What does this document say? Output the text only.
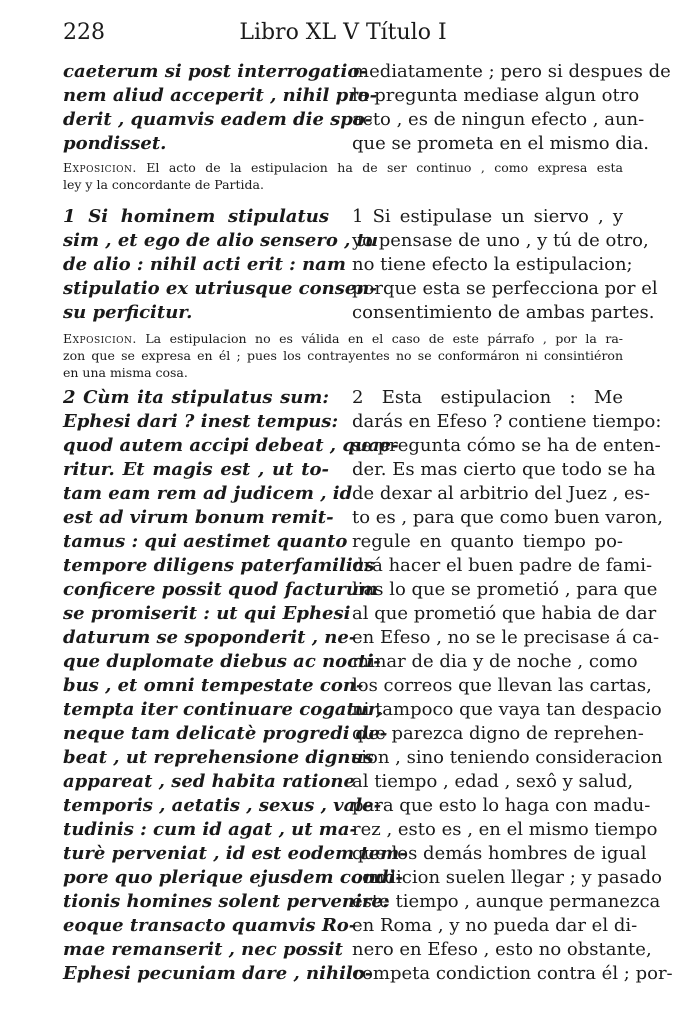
228	Libro XL V Título I
caeterum si post interrogatio-
nem aliud acceperit , nihil pro-
derit , quamvis eadem die spo-
pondisset.
mediatamente ; pero si despues de
la pregunta mediase algun otro
acto , es de ningun efecto , aun-
que se prometa en el mismo dia.
Exposicion. El acto de la estipulacion ha de ser continuo , como expresa esta
ley y la concordante de Partida.
1 Si hominem stipulatus
sim , et ego de alio sensero , tu
de alio : nihil acti erit : nam
stipulatio ex utriusque consen-
su perficitur.
1 Si estipulase un siervo , y
yo pensase de uno , y tú de otro,
no tiene efecto la estipulacion;
porque esta se perfecciona por el
consentimiento de ambas partes.
Exposicion. La estipulacion no es válida en el caso de este párrafo , por la ra-
zon que se expresa en él ; pues los contrayentes no se conformáron ni consintiéron
en una misma cosa.
2 Cùm ita stipulatus sum:
Ephesi dari ? inest tempus:
quod autem accipi debeat , quae-
ritur. Et magis est , ut to-
tam eam rem ad judicem , id
est ad virum bonum remit-
tamus : qui aestimet quanto
tempore diligens paterfamilias
conficere possit quod facturum
se promiserit : ut qui Ephesi
daturum se spoponderit , ne-
que duplomate diebus ac nocti-
bus , et omni tempestate con-
tempta iter continuare cogatur,
neque tam delicatè progredi de-
beat , ut reprehensione dignus
appareat , sed habita ratione
temporis , aetatis , sexus , vale-
tudinis : cum id agat , ut ma-
turè perveniat , id est eodem tem-
pore quo plerique ejusdem condi-
tionis homines solent pervenire:
eoque transacto quamvis Ro-
mae remanserit , nec possit
Ephesi pecuniam dare , nihilo-
2 Esta estipulacion : Me
darás en Efeso ? contiene tiempo:
se pregunta cómo se ha de enten-
der. Es mas cierto que todo se ha
de dexar al arbitrio del Juez , es-
to es , para que como buen varon,
regule en quanto tiempo po-
drá hacer el buen padre de fami-
lias lo que se prometió , para que
al que prometió que habia de dar
en Efeso , no se le precisase á ca-
minar de dia y de noche , como
los correos que llevan las cartas,
ni tampoco que vaya tan despacio
que parezca digno de reprehen-
sion , sino teniendo consideracion
al tiempo , edad , sexô y salud,
para que esto lo haga con madu-
rez , esto es , en el mismo tiempo
que los demás hombres de igual
condicion suelen llegar ; y pasado
este tiempo , aunque permanezca
en Roma , y no pueda dar el di-
nero en Efeso , esto no obstante,
competa condiction contra él ; por-
